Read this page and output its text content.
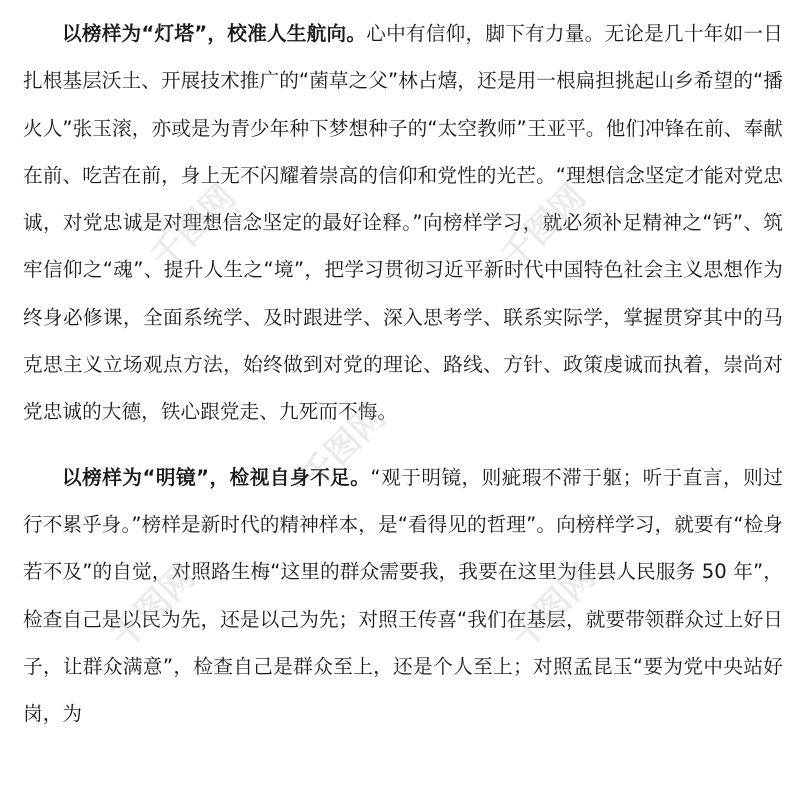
以榜样为“灯塔”，校准人生航向。心中有信仰，脚下有力量。无论是几十年如一日扎根基层沃土、开展技术推广的“菌草之父”林占熺，还是用一根扁担挑起山乡希望的“播火人”张玉滚，亦或是为青少年种下梦想种子的“太空教师”王亚平。他们冲锋在前、奉献在前、吃苦在前，身上无不闪耀着崇高的信仰和党性的光芒。“理想信念坚定才能对党忠诚，对党忠诚是对理想信念坚定的最好诠释。”向榜样学习，就必须补足精神之“钙”、筑牢信仰之“魂”、提升人生之“境”，把学习贯彻习近平新时代中国特色社会主义思想作为终身必修课，全面系统学、及时跟进学、深入思考学、联系实际学，掌握贯穿其中的马克思主义立场观点方法，始终做到对党的理论、路线、方针、政策虔诚而执着，崇尚对党忠诚的大德，铁心跟党走、九死而不悔。

以榜样为“明镜”，检视自身不足。“观于明镜，则疵瑕不滞于躯；听于直言，则过行不累乎身。”榜样是新时代的精神样本，是“看得见的哲理”。向榜样学习，就要有“检身若不及”的自觉，对照路生梅“这里的群众需要我，我要在这里为佳县人民服务 50 年”，检查自己是以民为先，还是以己为先；对照王传喜“我们在基层，就要带领群众过上好日子，让群众满意”，检查自己是群众至上，还是个人至上；对照孟昆玉“要为党中央站好岗，为

千图网	千图网
千图网
千图网	千图网
